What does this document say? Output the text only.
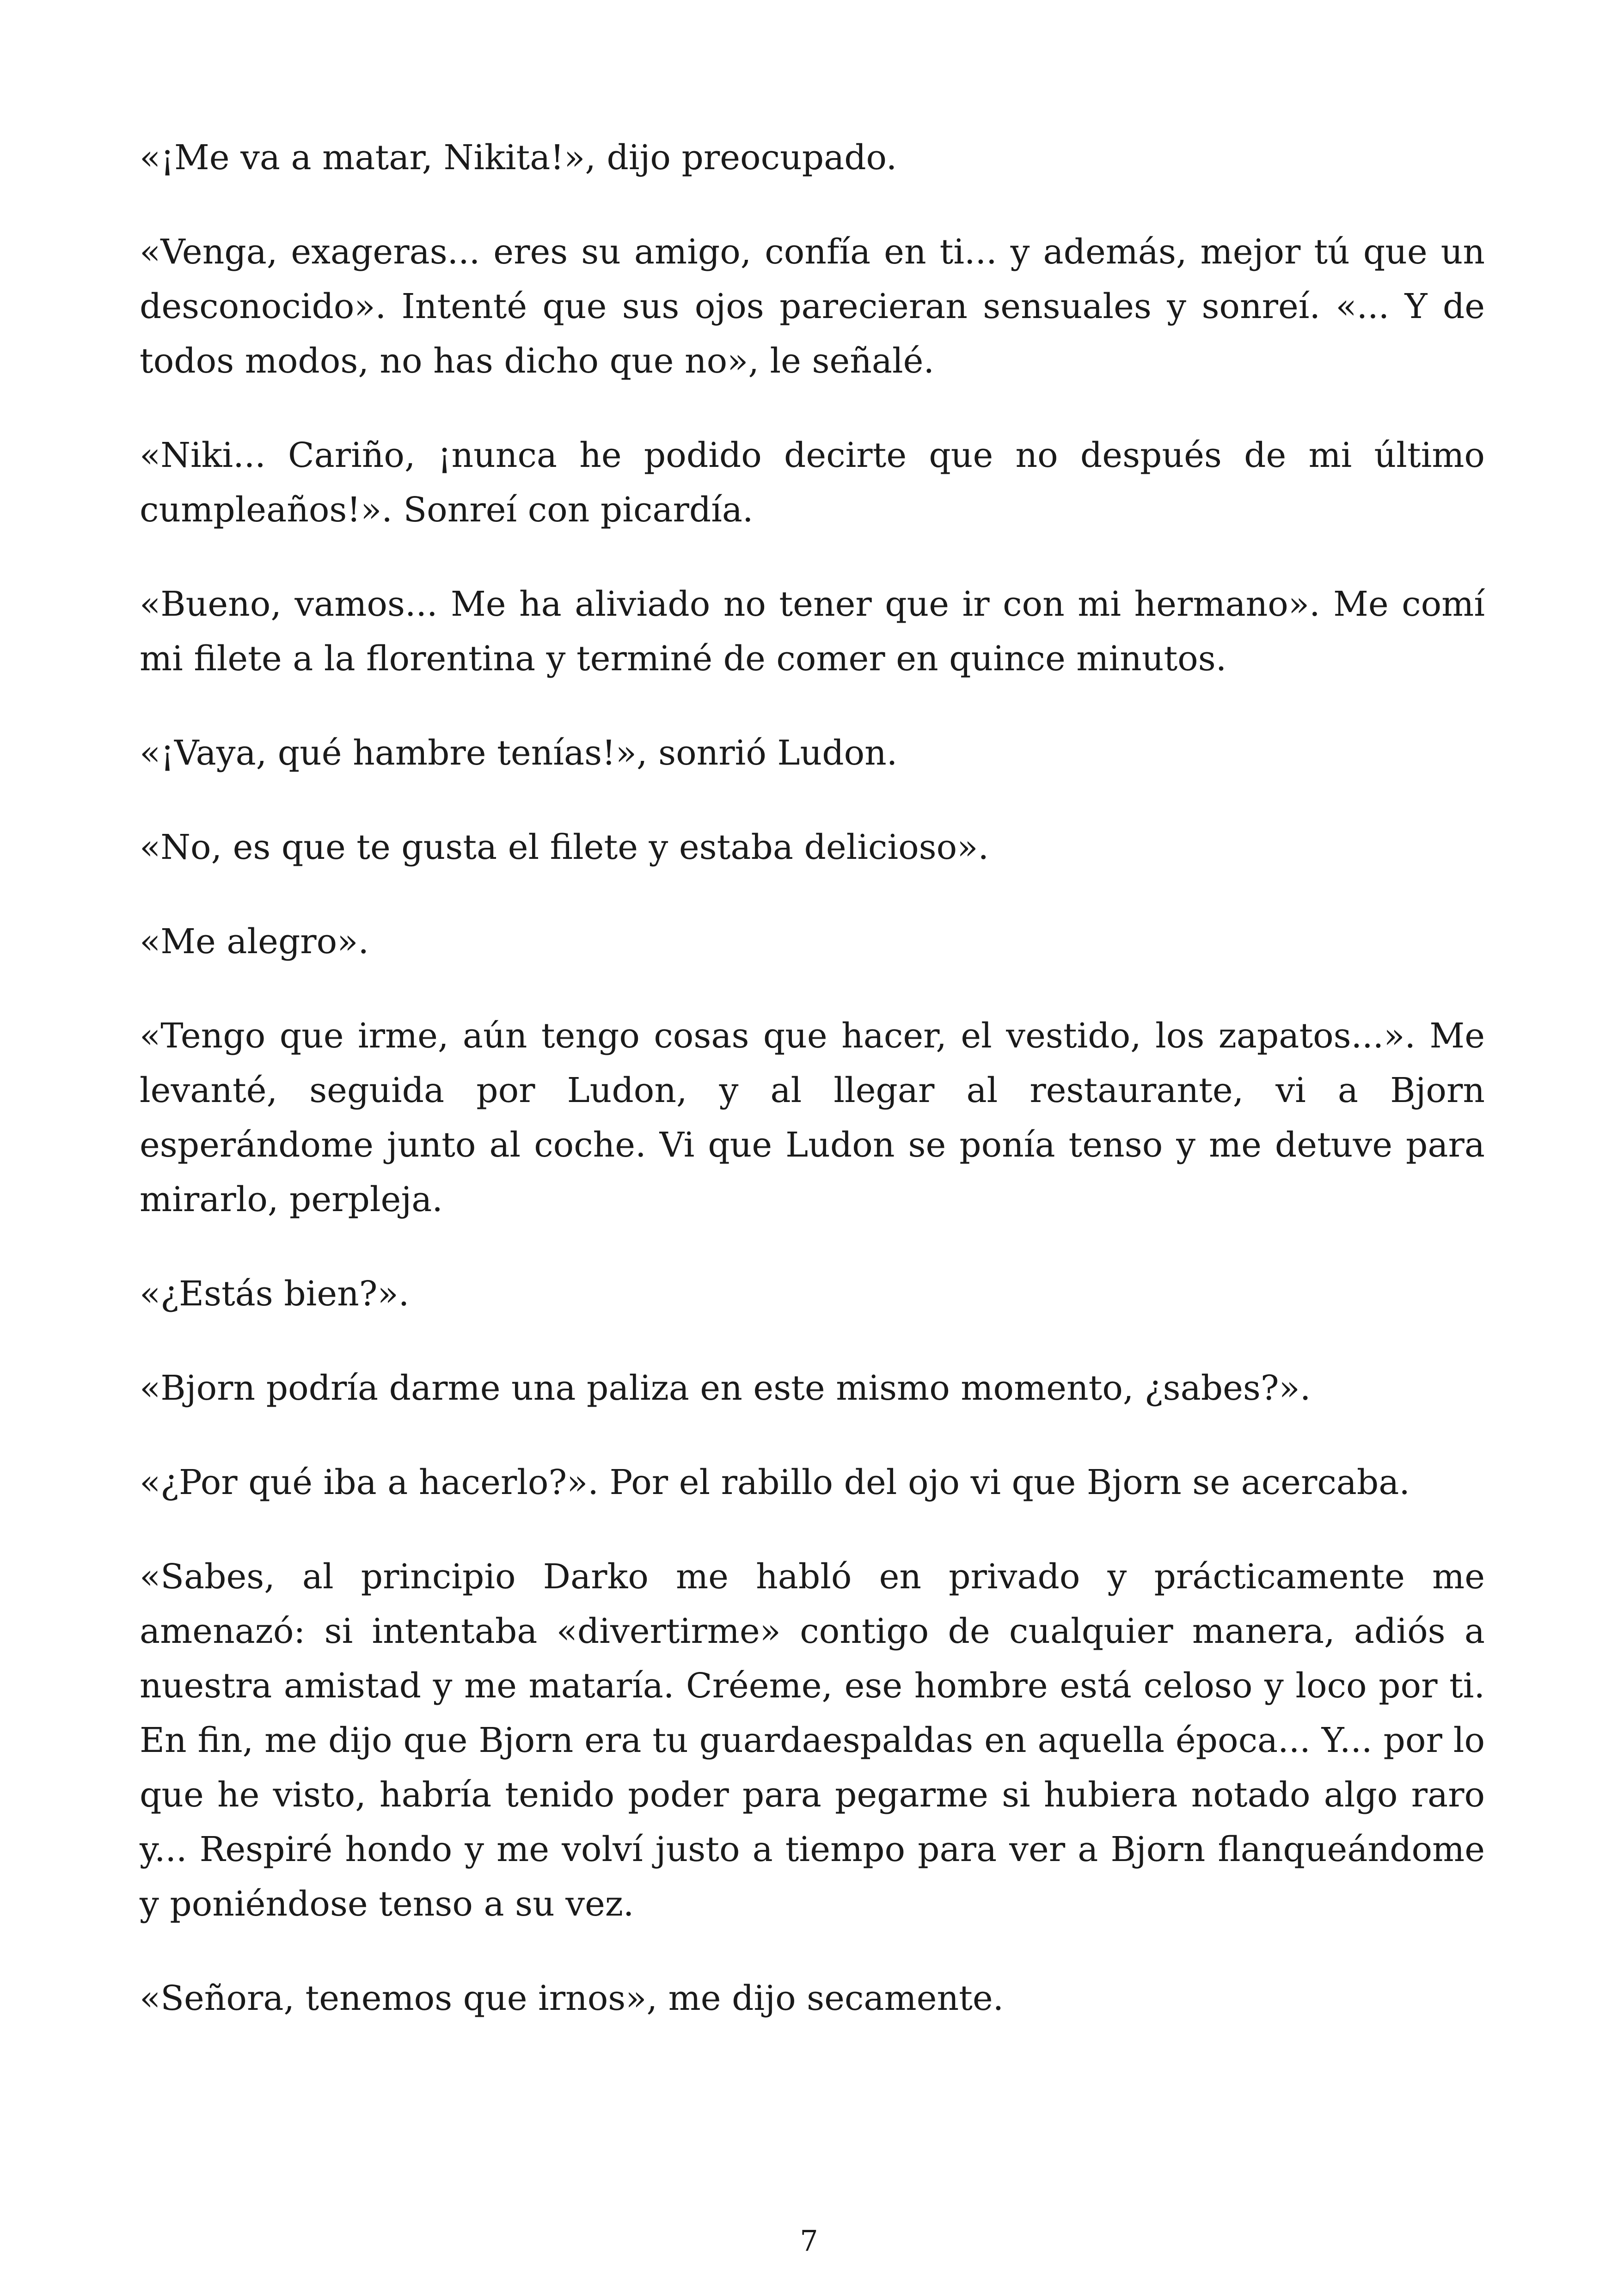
«¡Me va a matar, Nikita!», dijo preocupado.

«Venga, exageras... eres su amigo, confía en ti... y además, mejor tú que un desconocido». Intenté que sus ojos parecieran sensuales y sonreí. «... Y de todos modos, no has dicho que no», le señalé.

«Niki... Cariño, ¡nunca he podido decirte que no después de mi último cumpleaños!». Sonreí con picardía.

«Bueno, vamos... Me ha aliviado no tener que ir con mi hermano». Me comí mi filete a la florentina y terminé de comer en quince minutos.

«¡Vaya, qué hambre tenías!», sonrió Ludon.

«No, es que te gusta el filete y estaba delicioso».

«Me alegro».

«Tengo que irme, aún tengo cosas que hacer, el vestido, los zapatos...». Me levanté, seguida por Ludon, y al llegar al restaurante, vi a Bjorn esperándome junto al coche. Vi que Ludon se ponía tenso y me detuve para mirarlo, perpleja.

«¿Estás bien?».

«Bjorn podría darme una paliza en este mismo momento, ¿sabes?».

«¿Por qué iba a hacerlo?». Por el rabillo del ojo vi que Bjorn se acercaba.

«Sabes, al principio Darko me habló en privado y prácticamente me amenazó: si intentaba «divertirme» contigo de cualquier manera, adiós a nuestra amistad y me mataría. Créeme, ese hombre está celoso y loco por ti. En fin, me dijo que Bjorn era tu guardaespaldas en aquella época... Y... por lo que he visto, habría tenido poder para pegarme si hubiera notado algo raro y... Respiré hondo y me volví justo a tiempo para ver a Bjorn flanqueándome y poniéndose tenso a su vez.

«Señora, tenemos que irnos», me dijo secamente.

7
